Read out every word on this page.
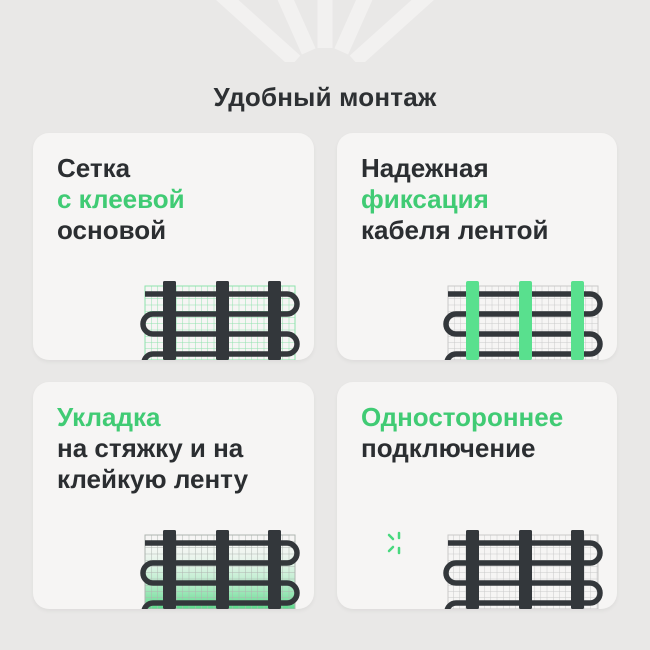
Удобный монтаж
Сетка
с клеевой
основой
Надежная
фиксация
кабеля лентой
Укладка
на стяжку и на
клейкую ленту
Одностороннее
подключение
